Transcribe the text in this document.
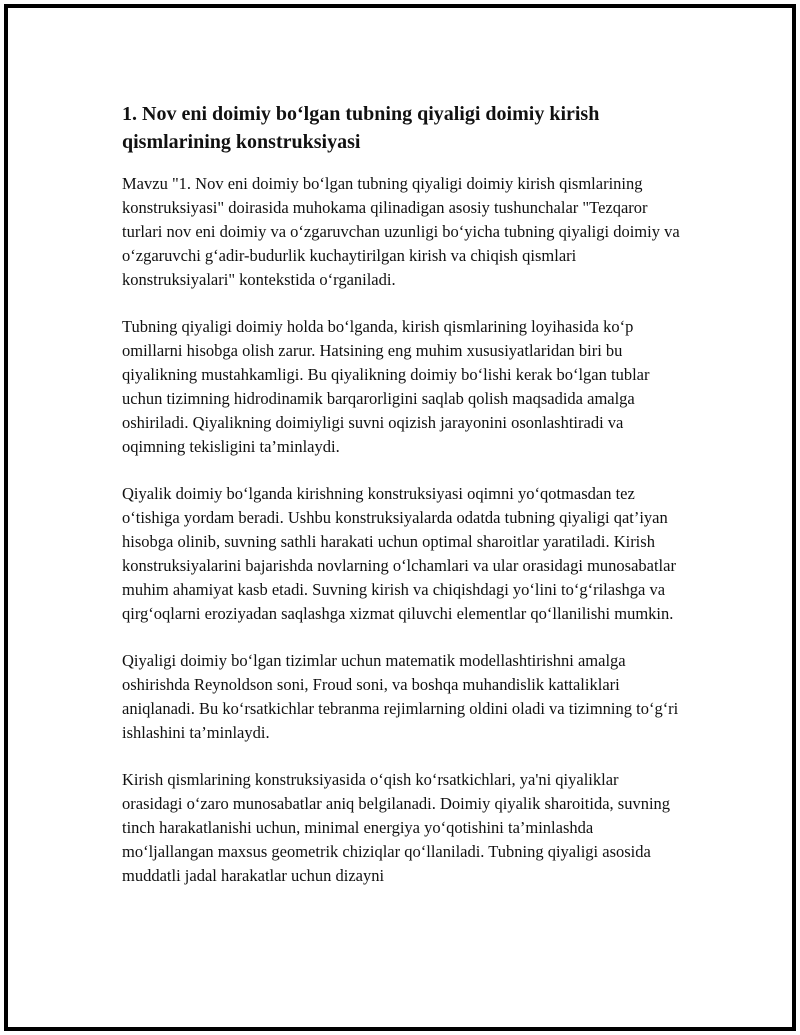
1. Nov eni doimiy bo‘lgan tubning qiyaligi doimiy kirish qismlarining konstruksiyasi

Mavzu "1. Nov eni doimiy bo‘lgan tubning qiyaligi doimiy kirish qismlarining konstruksiyasi" doirasida muhokama qilinadigan asosiy tushunchalar "Tezqaror turlari nov eni doimiy va o‘zgaruvchan uzunligi bo‘yicha tubning qiyaligi doimiy va o‘zgaruvchi g‘adir-budurlik kuchaytirilgan kirish va chiqish qismlari konstruksiyalari" kontekstida o‘rganiladi.

Tubning qiyaligi doimiy holda bo‘lganda, kirish qismlarining loyihasida ko‘p omillarni hisobga olish zarur. Hatsining eng muhim xususiyatlaridan biri bu qiyalikning mustahkamligi. Bu qiyalikning doimiy bo‘lishi kerak bo‘lgan tublar uchun tizimning hidrodinamik barqarorligini saqlab qolish maqsadida amalga oshiriladi. Qiyalikning doimiyligi suvni oqizish jarayonini osonlashtiradi va oqimning tekisligini ta’minlaydi.

Qiyalik doimiy bo‘lganda kirishning konstruksiyasi oqimni yo‘qotmasdan tez o‘tishiga yordam beradi. Ushbu konstruksiyalarda odatda tubning qiyaligi qat’iyan hisobga olinib, suvning sathli harakati uchun optimal sharoitlar yaratiladi. Kirish konstruksiyalarini bajarishda novlarning o‘lchamlari va ular orasidagi munosabatlar muhim ahamiyat kasb etadi. Suvning kirish va chiqishdagi yo‘lini to‘g‘rilashga va qirg‘oqlarni eroziyadan saqlashga xizmat qiluvchi elementlar qo‘llanilishi mumkin.

Qiyaligi doimiy bo‘lgan tizimlar uchun matematik modellashtirishni amalga oshirishda Reynoldson soni, Froud soni, va boshqa muhandislik kattaliklari aniqlanadi. Bu ko‘rsatkichlar tebranma rejimlarning oldini oladi va tizimning to‘g‘ri ishlashini ta’minlaydi.

Kirish qismlarining konstruksiyasida o‘qish ko‘rsatkichlari, ya'ni qiyaliklar orasidagi o‘zaro munosabatlar aniq belgilanadi. Doimiy qiyalik sharoitida, suvning tinch harakatlanishi uchun, minimal energiya yo‘qotishini ta’minlashda mo‘ljallangan maxsus geometrik chiziqlar qo‘llaniladi. Tubning qiyaligi asosida muddatli jadal harakatlar uchun dizayni
